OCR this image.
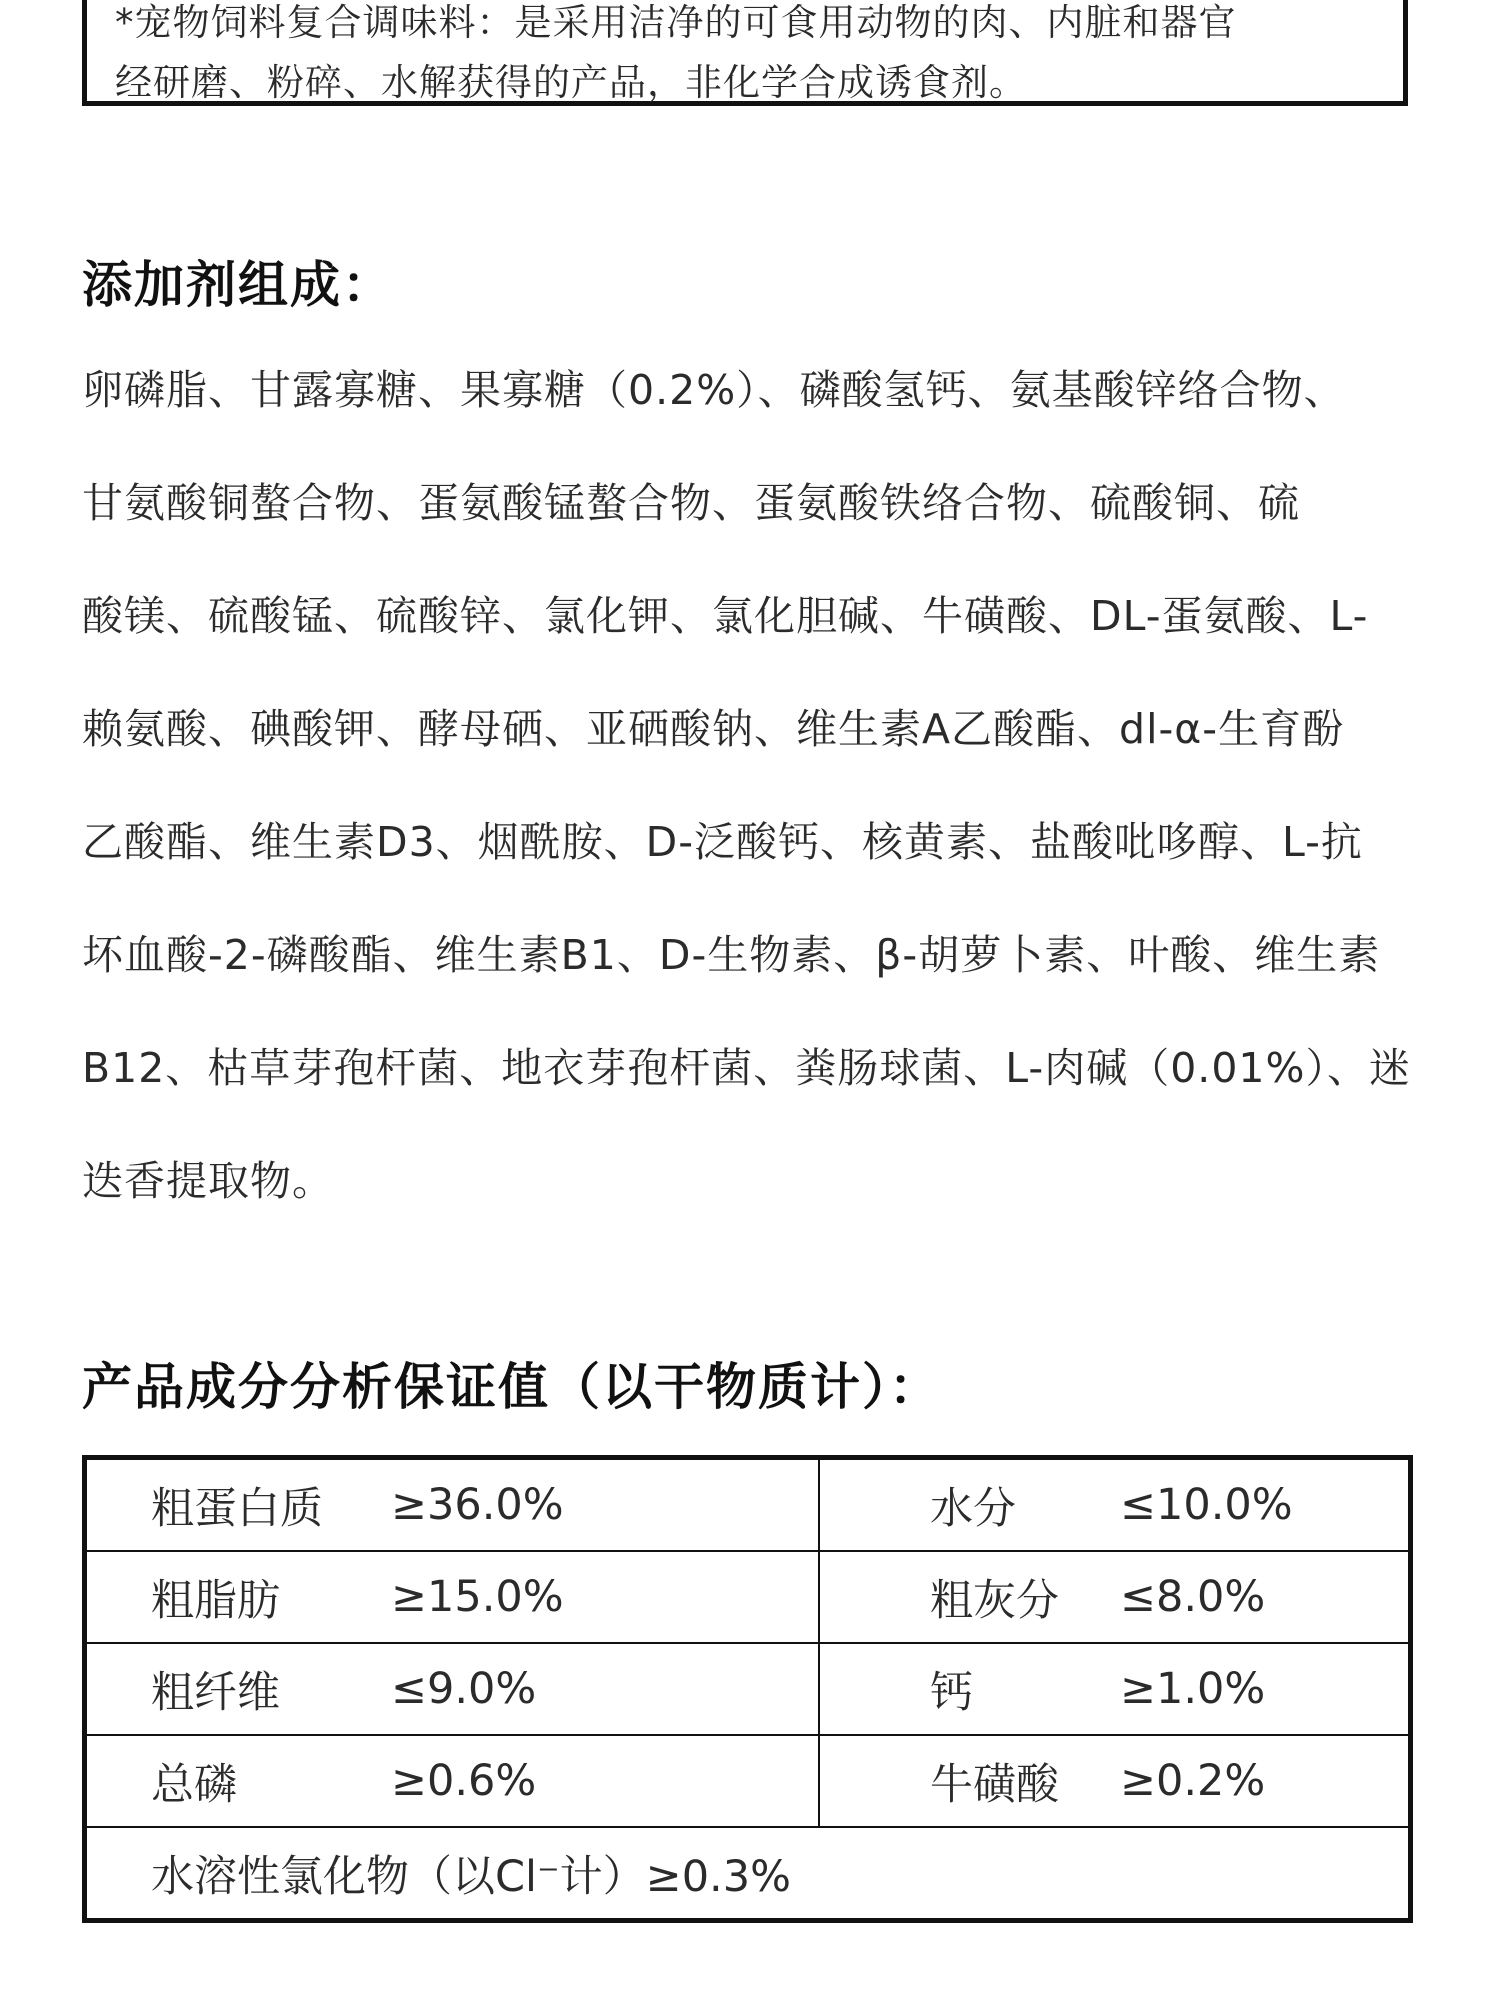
*宠物饲料复合调味料：是采用洁净的可食用动物的肉、内脏和器官
经研磨、粉碎、水解获得的产品，非化学合成诱食剂。
添加剂组成：
卵磷脂、甘露寡糖、果寡糖（0.2%）、磷酸氢钙、氨基酸锌络合物、
甘氨酸铜螯合物、蛋氨酸锰螯合物、蛋氨酸铁络合物、硫酸铜、硫
酸镁、硫酸锰、硫酸锌、氯化钾、氯化胆碱、牛磺酸、DL-蛋氨酸、L-
赖氨酸、碘酸钾、酵母硒、亚硒酸钠、维生素A乙酸酯、dl-α-生育酚
乙酸酯、维生素D3、烟酰胺、D-泛酸钙、核黄素、盐酸吡哆醇、L-抗
坏血酸-2-磷酸酯、维生素B1、D-生物素、β-胡萝卜素、叶酸、维生素
B12、枯草芽孢杆菌、地衣芽孢杆菌、粪肠球菌、L-肉碱（0.01%）、迷
迭香提取物。
产品成分分析保证值（以干物质计）：
粗蛋白质 ≥36.0%	水分 ≤10.0%

粗脂肪 ≥15.0%	粗灰分 ≤8.0%

粗纤维 ≤9.0%	钙 ≥1.0%

总磷 ≥0.6%	牛磺酸 ≥0.2%

水溶性氯化物（以Cl⁻计）≥0.3%	
